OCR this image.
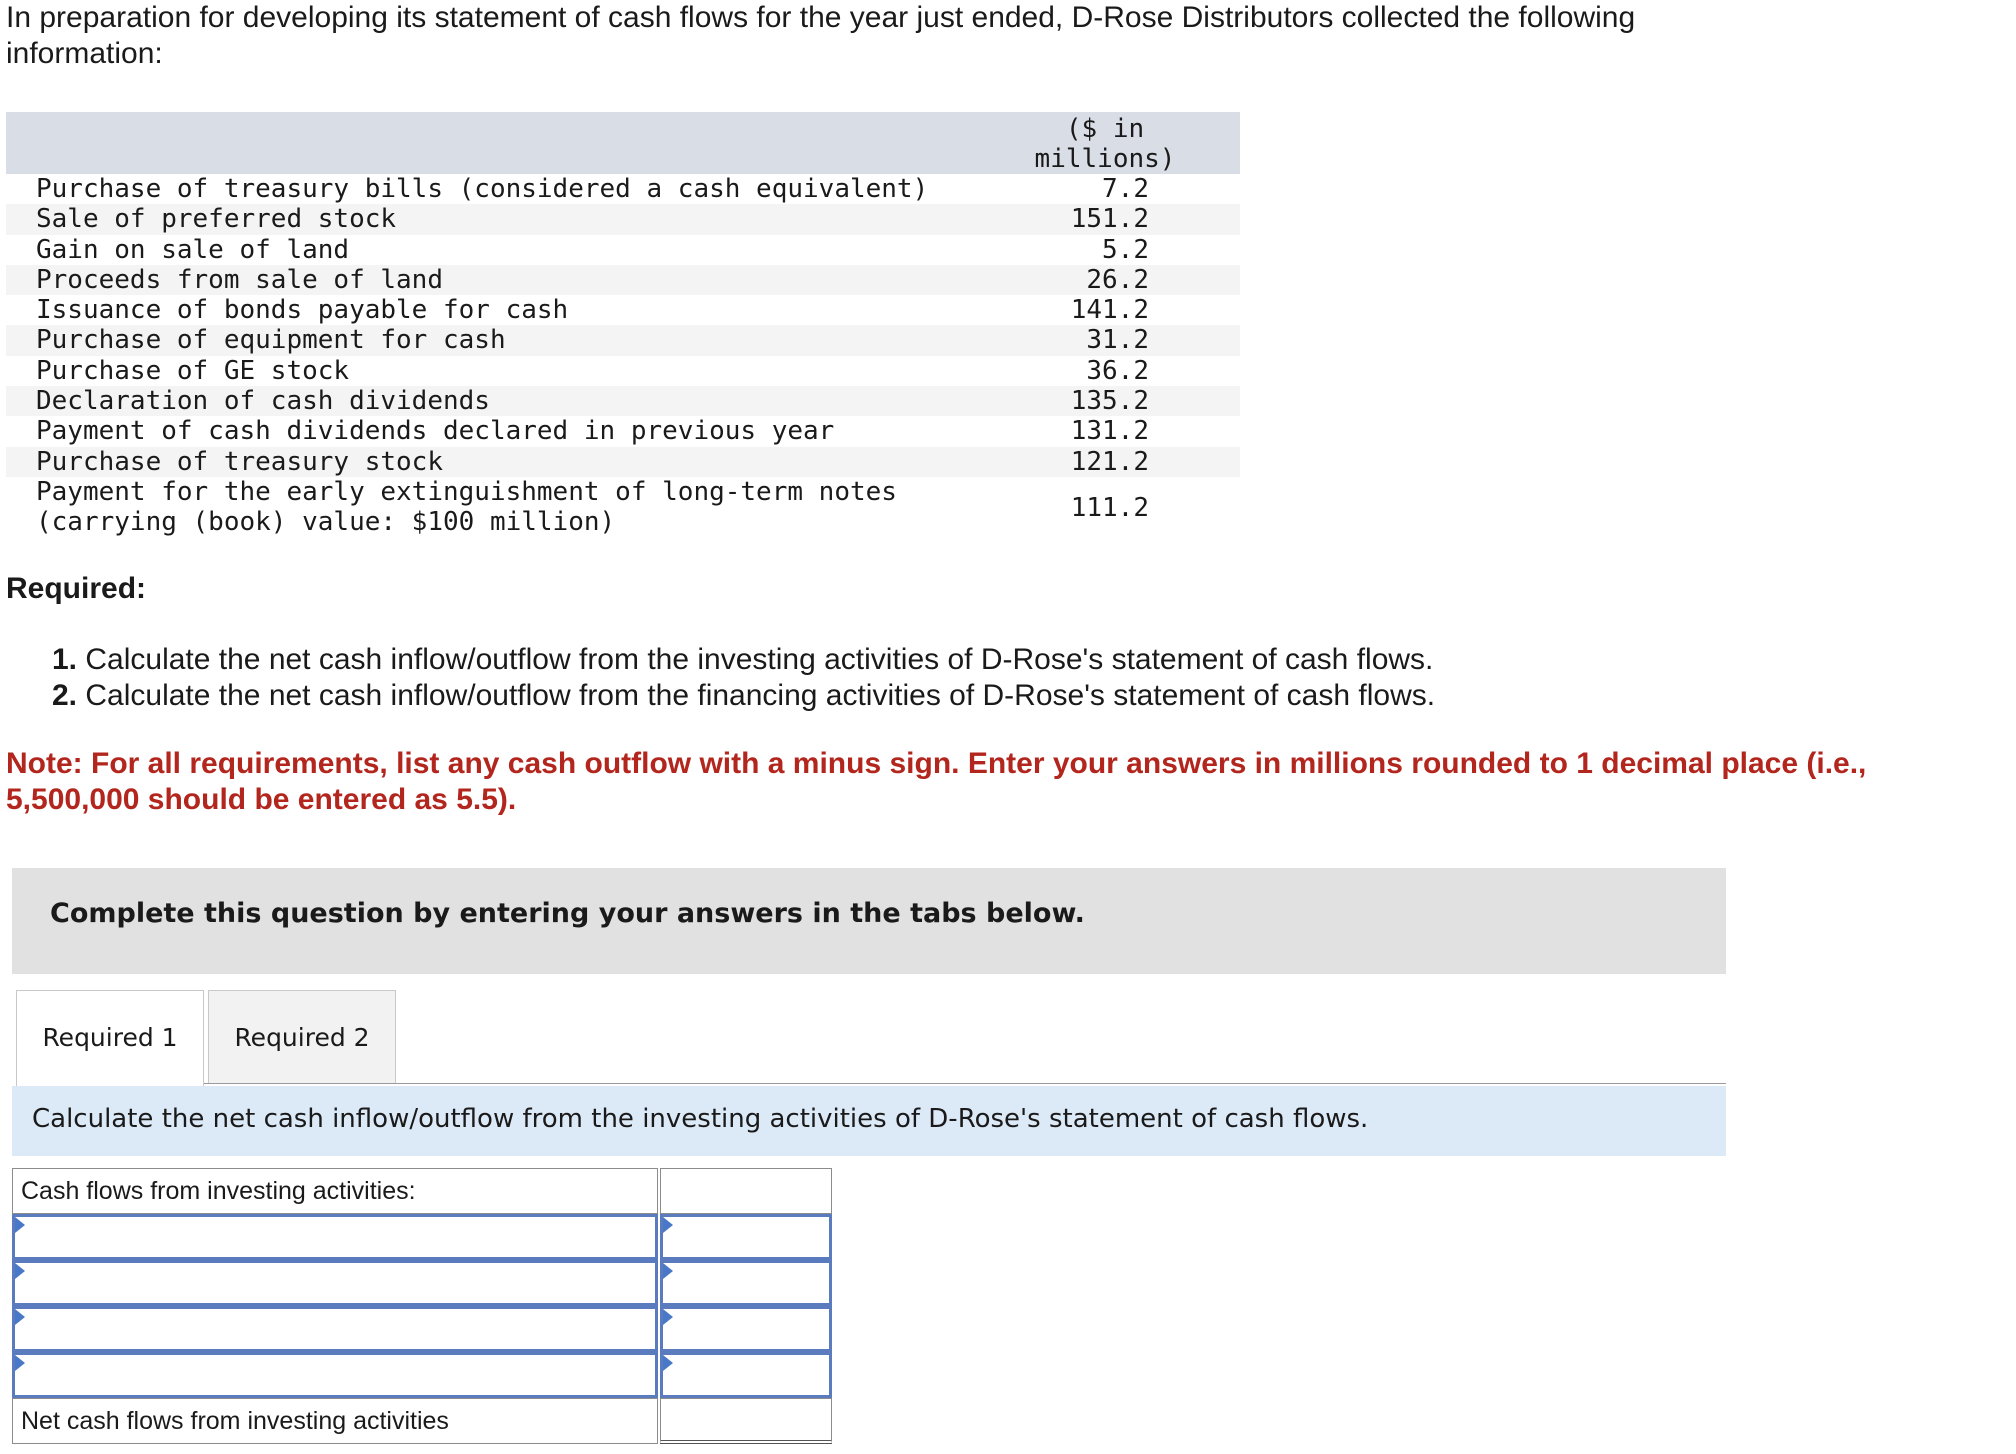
In preparation for developing its statement of cash flows for the year just ended, D-Rose Distributors collected the following information:

($ in
millions)
Purchase of treasury bills (considered a cash equivalent)	7.2
Sale of preferred stock	151.2
Gain on sale of land	5.2
Proceeds from sale of land	26.2
Issuance of bonds payable for cash	141.2
Purchase of equipment for cash	31.2
Purchase of GE stock	36.2
Declaration of cash dividends	135.2
Payment of cash dividends declared in previous year	131.2
Purchase of treasury stock	121.2
Payment for the early extinguishment of long-term notes
(carrying (book) value: $100 million)	111.2

Required:

1. Calculate the net cash inflow/outflow from the investing activities of D-Rose's statement of cash flows.
2. Calculate the net cash inflow/outflow from the financing activities of D-Rose's statement of cash flows.

Note: For all requirements, list any cash outflow with a minus sign. Enter your answers in millions rounded to 1 decimal place (i.e., 5,500,000 should be entered as 5.5).

Complete this question by entering your answers in the tabs below.
Required 1	Required 2
Calculate the net cash inflow/outflow from the investing activities of D-Rose's statement of cash flows.
Cash flows from investing activities:
Net cash flows from investing activities
